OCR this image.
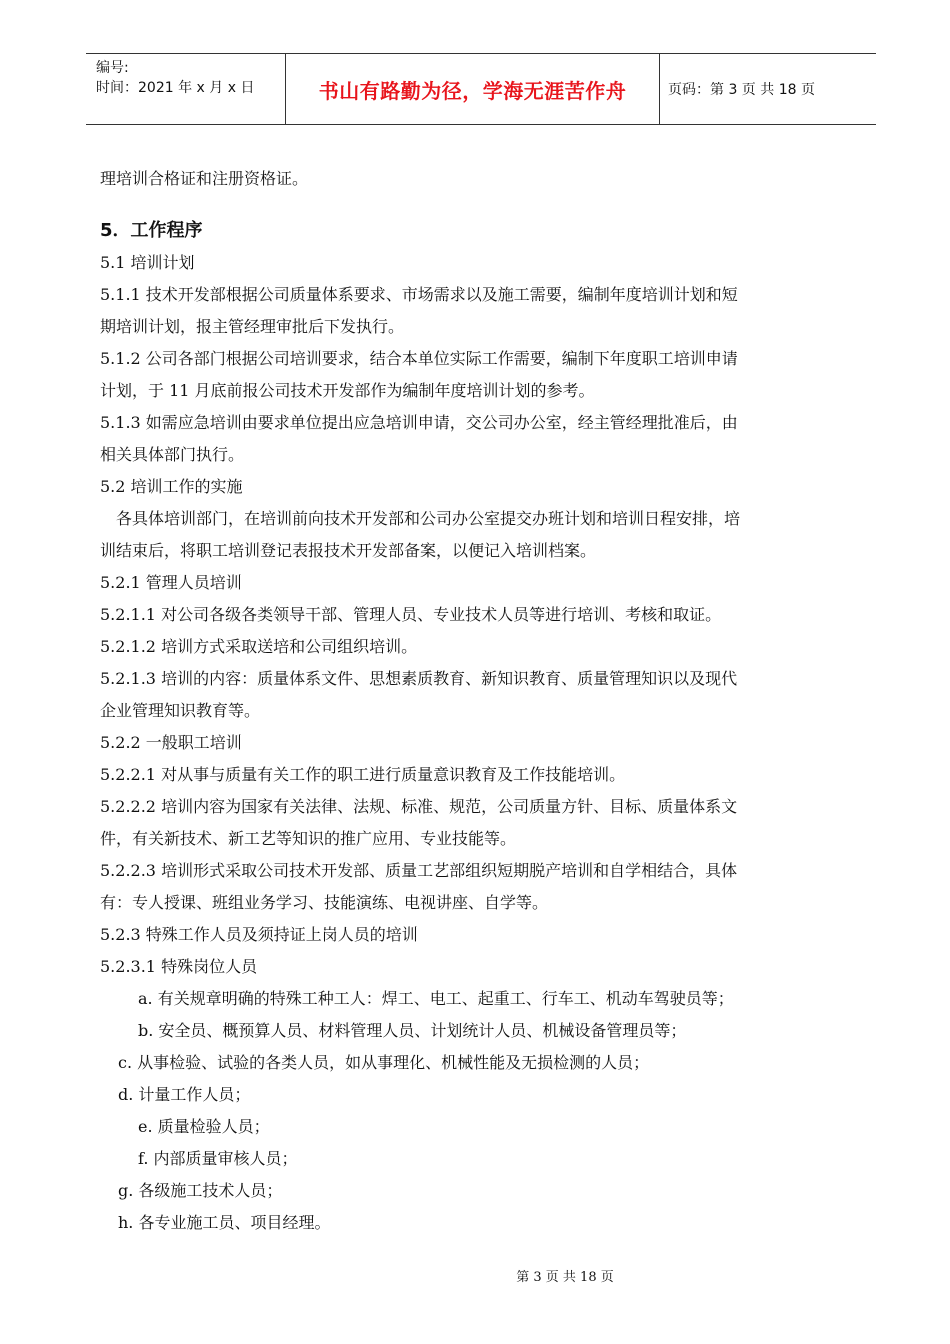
编号:
时间：2021 年 x 月 x 日	书山有路勤为径，学海无涯苦作舟	页码：第 3 页 共 18 页
理培训合格证和注册资格证。
5．工作程序
5.1 培训计划
5.1.1 技术开发部根据公司质量体系要求、市场需求以及施工需要，编制年度培训计划和短
期培训计划，报主管经理审批后下发执行。
5.1.2 公司各部门根据公司培训要求，结合本单位实际工作需要，编制下年度职工培训申请
计划，于 11 月底前报公司技术开发部作为编制年度培训计划的参考。
5.1.3 如需应急培训由要求单位提出应急培训申请，交公司办公室，经主管经理批准后，由
相关具体部门执行。
5.2 培训工作的实施
各具体培训部门，在培训前向技术开发部和公司办公室提交办班计划和培训日程安排，培
训结束后，将职工培训登记表报技术开发部备案，以便记入培训档案。
5.2.1 管理人员培训
5.2.1.1 对公司各级各类领导干部、管理人员、专业技术人员等进行培训、考核和取证。
5.2.1.2 培训方式采取送培和公司组织培训。
5.2.1.3 培训的内容：质量体系文件、思想素质教育、新知识教育、质量管理知识以及现代
企业管理知识教育等。
5.2.2 一般职工培训
5.2.2.1 对从事与质量有关工作的职工进行质量意识教育及工作技能培训。
5.2.2.2 培训内容为国家有关法律、法规、标准、规范，公司质量方针、目标、质量体系文
件，有关新技术、新工艺等知识的推广应用、专业技能等。
5.2.2.3 培训形式采取公司技术开发部、质量工艺部组织短期脱产培训和自学相结合，具体
有：专人授课、班组业务学习、技能演练、电视讲座、自学等。
5.2.3 特殊工作人员及须持证上岗人员的培训
5.2.3.1 特殊岗位人员
a. 有关规章明确的特殊工种工人：焊工、电工、起重工、行车工、机动车驾驶员等；
b. 安全员、概预算人员、材料管理人员、计划统计人员、机械设备管理员等；
c. 从事检验、试验的各类人员，如从事理化、机械性能及无损检测的人员；
d. 计量工作人员；
e. 质量检验人员；
f. 内部质量审核人员；
g. 各级施工技术人员；
h. 各专业施工员、项目经理。
第 3 页 共 18 页
